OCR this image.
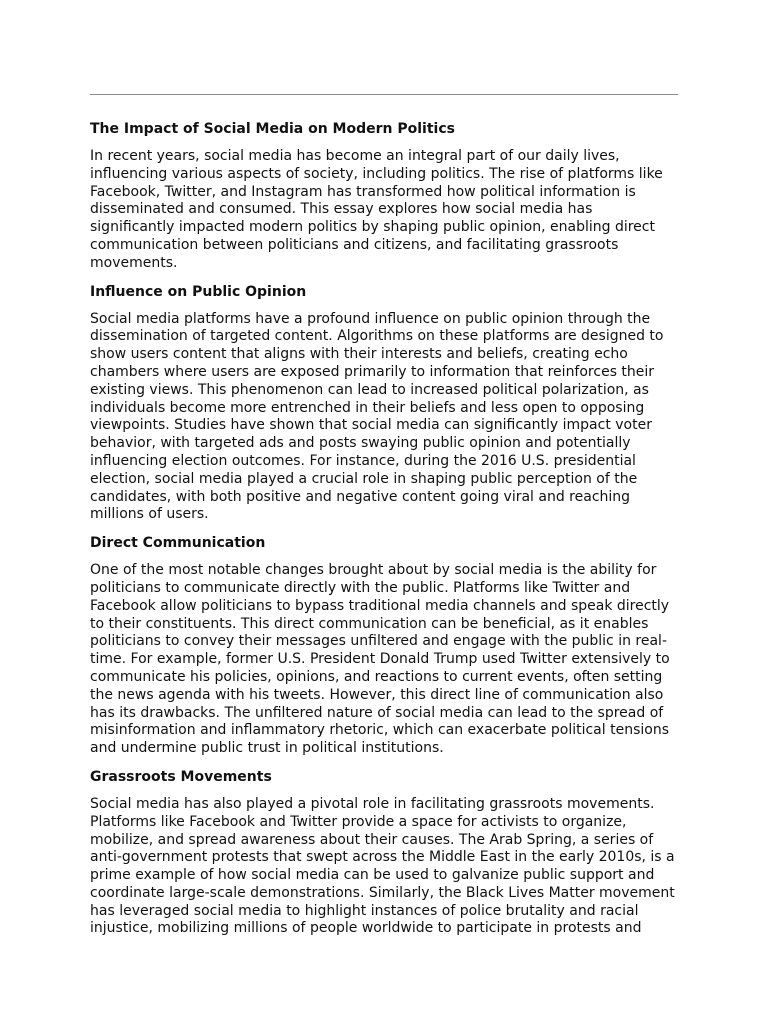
The Impact of Social Media on Modern Politics

In recent years, social media has become an integral part of our daily lives, influencing various aspects of society, including politics. The rise of platforms like Facebook, Twitter, and Instagram has transformed how political information is disseminated and consumed. This essay explores how social media has significantly impacted modern politics by shaping public opinion, enabling direct communication between politicians and citizens, and facilitating grassroots movements.

Influence on Public Opinion

Social media platforms have a profound influence on public opinion through the dissemination of targeted content. Algorithms on these platforms are designed to show users content that aligns with their interests and beliefs, creating echo chambers where users are exposed primarily to information that reinforces their existing views. This phenomenon can lead to increased political polarization, as individuals become more entrenched in their beliefs and less open to opposing viewpoints. Studies have shown that social media can significantly impact voter behavior, with targeted ads and posts swaying public opinion and potentially influencing election outcomes. For instance, during the 2016 U.S. presidential election, social media played a crucial role in shaping public perception of the candidates, with both positive and negative content going viral and reaching millions of users.

Direct Communication

One of the most notable changes brought about by social media is the ability for politicians to communicate directly with the public. Platforms like Twitter and Facebook allow politicians to bypass traditional media channels and speak directly to their constituents. This direct communication can be beneficial, as it enables politicians to convey their messages unfiltered and engage with the public in real-time. For example, former U.S. President Donald Trump used Twitter extensively to communicate his policies, opinions, and reactions to current events, often setting the news agenda with his tweets. However, this direct line of communication also has its drawbacks. The unfiltered nature of social media can lead to the spread of misinformation and inflammatory rhetoric, which can exacerbate political tensions and undermine public trust in political institutions.

Grassroots Movements

Social media has also played a pivotal role in facilitating grassroots movements. Platforms like Facebook and Twitter provide a space for activists to organize, mobilize, and spread awareness about their causes. The Arab Spring, a series of anti-government protests that swept across the Middle East in the early 2010s, is a prime example of how social media can be used to galvanize public support and coordinate large-scale demonstrations. Similarly, the Black Lives Matter movement has leveraged social media to highlight instances of police brutality and racial injustice, mobilizing millions of people worldwide to participate in protests and
